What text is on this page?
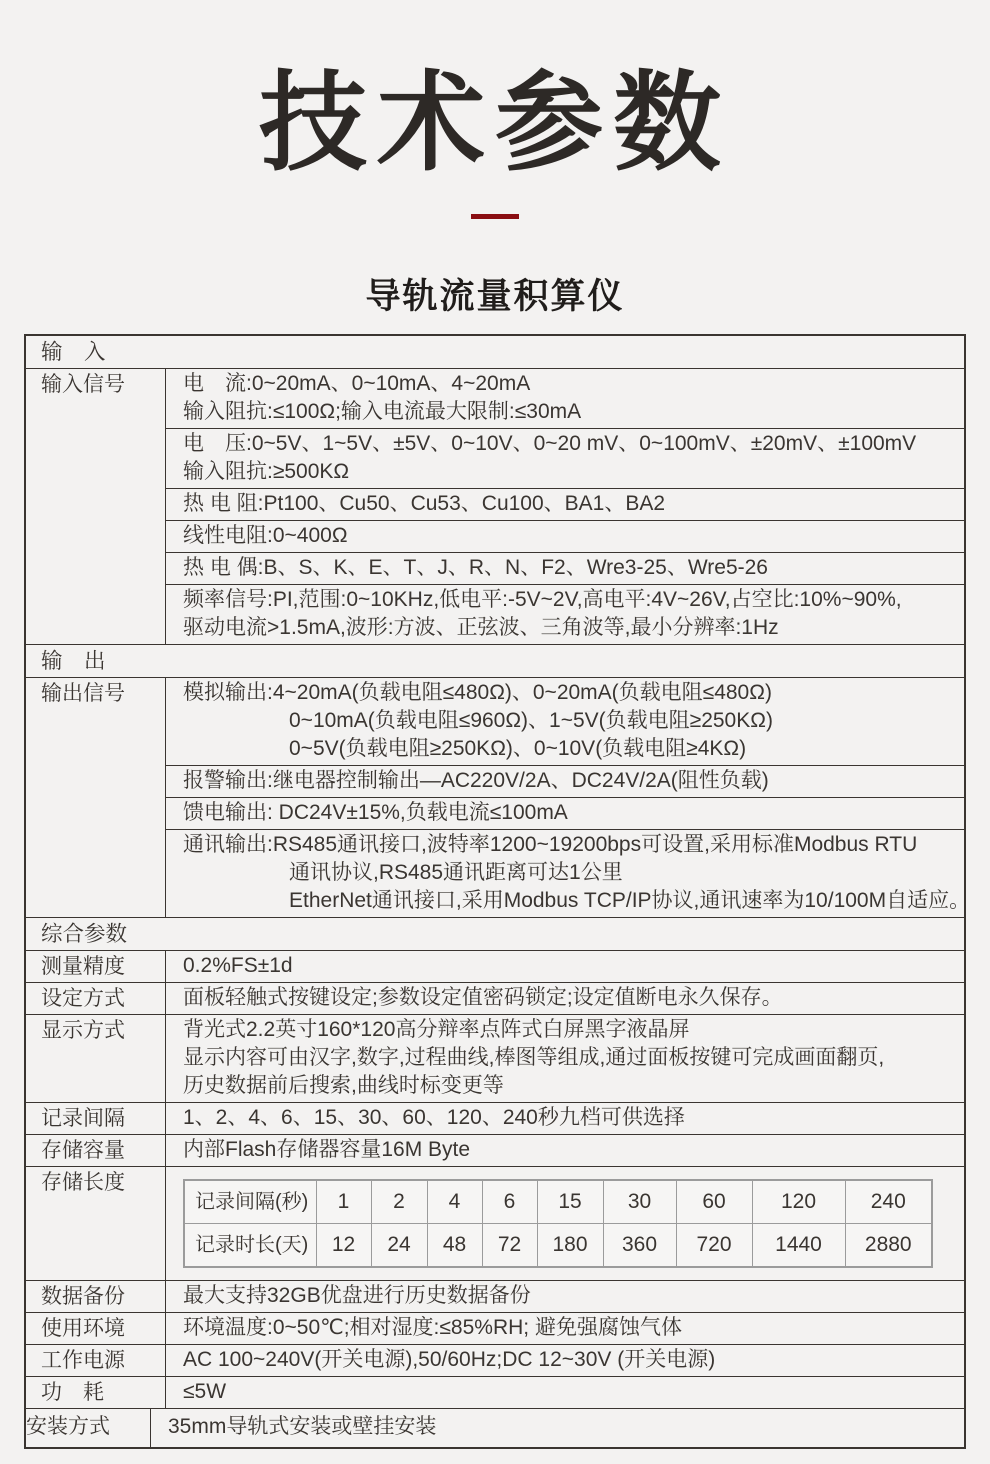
技术参数
导轨流量积算仪
输　入
输入信号	电　流:0~20mA、0~10mA、4~20mA
输入阻抗:≤100Ω;输入电流最大限制:≤30mA
电　压:0~5V、1~5V、±5V、0~10V、0~20 mV、0~100mV、±20mV、±100mV
输入阻抗:≥500KΩ
热 电 阻:Pt100、Cu50、Cu53、Cu100、BA1、BA2
线性电阻:0~400Ω
热 电 偶:B、S、K、E、T、J、R、N、F2、Wre3-25、Wre5-26
频率信号:PI,范围:0~10KHz,低电平:-5V~2V,高电平:4V~26V,占空比:10%~90%,
驱动电流>1.5mA,波形:方波、正弦波、三角波等,最小分辨率:1Hz
输　出
输出信号	模拟输出:4~20mA(负载电阻≤480Ω)、0~20mA(负载电阻≤480Ω)
0~10mA(负载电阻≤960Ω)、1~5V(负载电阻≥250KΩ)
0~5V(负载电阻≥250KΩ)、0~10V(负载电阻≥4KΩ)
报警输出:继电器控制输出—AC220V/2A、DC24V/2A(阻性负载)
馈电输出: DC24V±15%,负载电流≤100mA
通讯输出:RS485通讯接口,波特率1200~19200bps可设置,采用标准Modbus RTU
通讯协议,RS485通讯距离可达1公里
EtherNet通讯接口,采用Modbus TCP/IP协议,通讯速率为10/100M自适应。
综合参数
测量精度	0.2%FS±1d
设定方式	面板轻触式按键设定;参数设定值密码锁定;设定值断电永久保存。
显示方式	背光式2.2英寸160*120高分辩率点阵式白屏黑字液晶屏
显示内容可由汉字,数字,过程曲线,棒图等组成,通过面板按键可完成画面翻页,
历史数据前后搜索,曲线时标变更等
记录间隔	1、2、4、6、15、30、60、120、240秒九档可供选择
存储容量	内部Flash存储器容量16M Byte
存储长度
记录间隔(秒)	1	2	4	6	15	30	60	120	240
记录时长(天)	12	24	48	72	180	360	720	1440	2880
数据备份	最大支持32GB优盘进行历史数据备份
使用环境	环境温度:0~50℃;相对湿度:≤85%RH; 避免强腐蚀气体
工作电源	AC 100~240V(开关电源),50/60Hz;DC 12~30V (开关电源)
功　耗	≤5W
安装方式	35mm导轨式安装或壁挂安装
